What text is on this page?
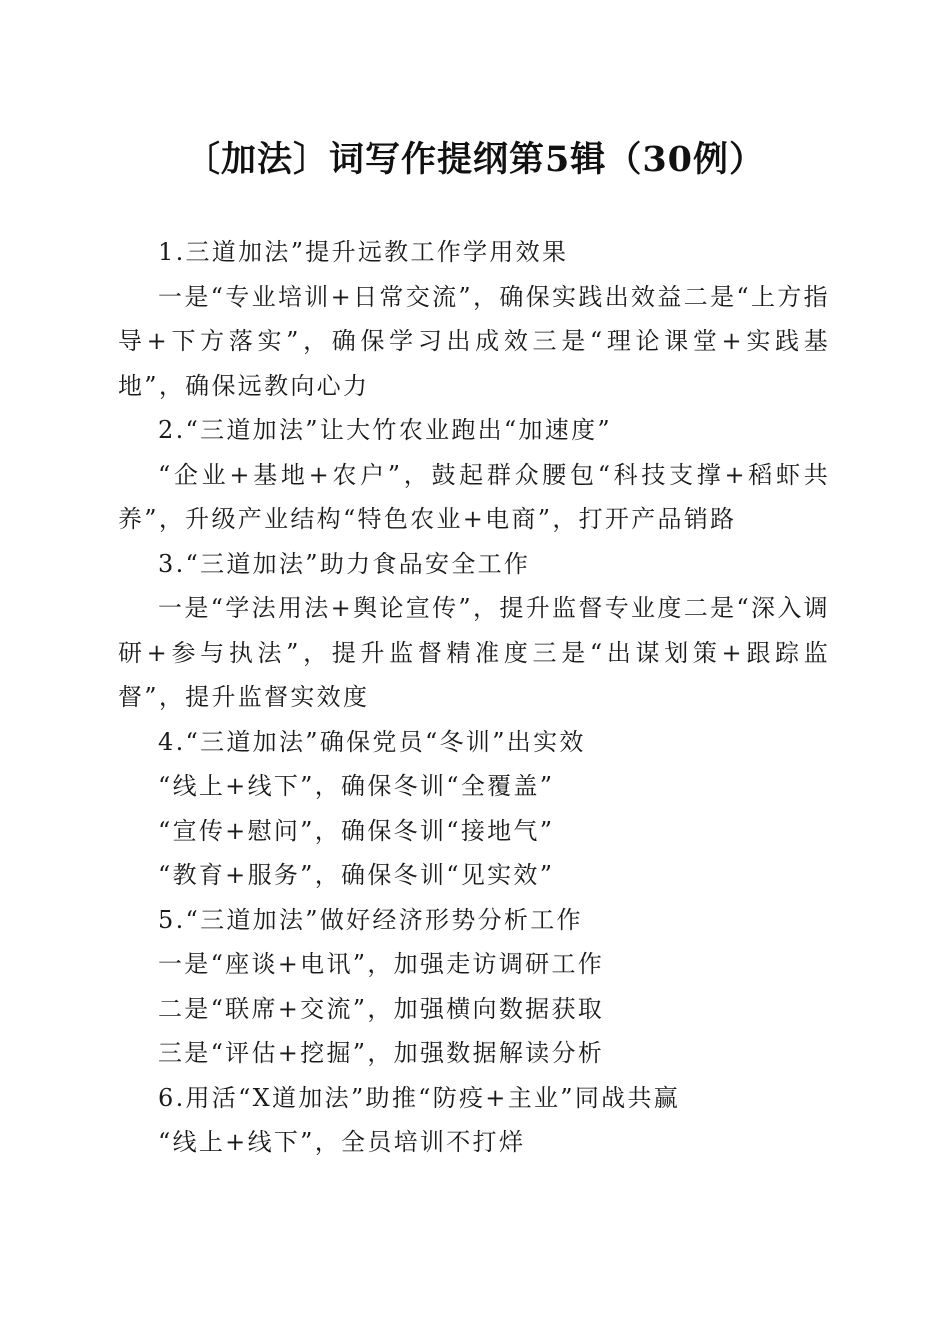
〔加法〕词写作提纲第5辑（30例）

1.三道加法”提升远教工作学用效果

一是“专业培训+日常交流”，确保实践出效益二是“上方指导+下方落实”，确保学习出成效三是“理论课堂+实践基地”，确保远教向心力

2.“三道加法”让大竹农业跑出“加速度”

“企业+基地+农户”，鼓起群众腰包“科技支撑+稻虾共养”，升级产业结构“特色农业+电商”，打开产品销路

3.“三道加法”助力食品安全工作

一是“学法用法+舆论宣传”，提升监督专业度二是“深入调研+参与执法”，提升监督精准度三是“出谋划策+跟踪监督”，提升监督实效度

4.“三道加法”确保党员“冬训”出实效

“线上+线下”，确保冬训“全覆盖”

“宣传+慰问”，确保冬训“接地气”

“教育+服务”，确保冬训“见实效”

5.“三道加法”做好经济形势分析工作

一是“座谈+电讯”，加强走访调研工作

二是“联席+交流”，加强横向数据获取

三是“评估+挖掘”，加强数据解读分析

6.用活“X道加法”助推“防疫+主业”同战共赢

“线上+线下”，全员培训不打烊
